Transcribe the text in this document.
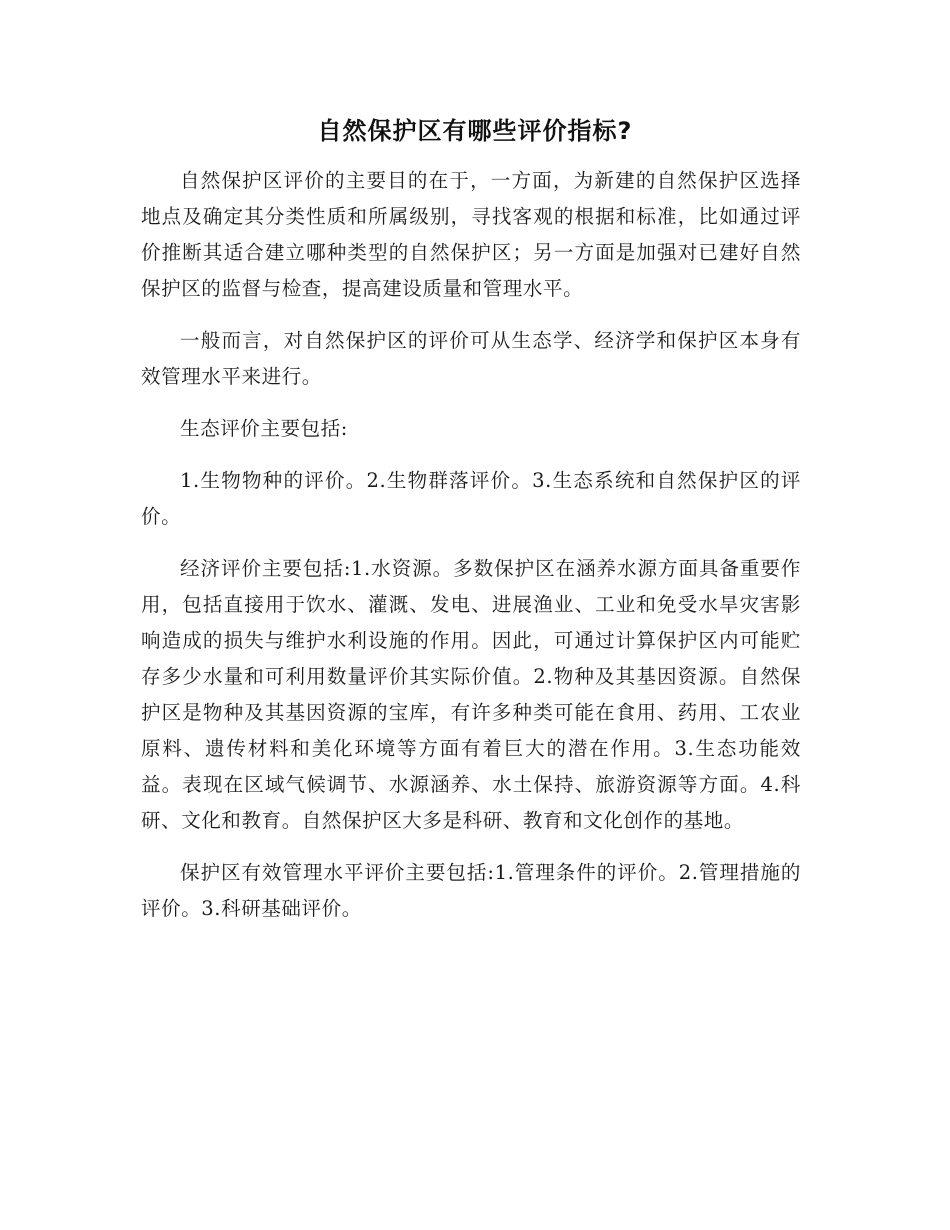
自然保护区有哪些评价指标?

自然保护区评价的主要目的在于，一方面，为新建的自然保护区选择地点及确定其分类性质和所属级别，寻找客观的根据和标准，比如通过评价推断其适合建立哪种类型的自然保护区；另一方面是加强对已建好自然保护区的监督与检查，提高建设质量和管理水平。

一般而言，对自然保护区的评价可从生态学、经济学和保护区本身有效管理水平来进行。

生态评价主要包括:

1.生物物种的评价。2.生物群落评价。3.生态系统和自然保护区的评价。

经济评价主要包括:1.水资源。多数保护区在涵养水源方面具备重要作用，包括直接用于饮水、灌溉、发电、进展渔业、工业和免受水旱灾害影响造成的损失与维护水利设施的作用。因此，可通过计算保护区内可能贮存多少水量和可利用数量评价其实际价值。2.物种及其基因资源。自然保护区是物种及其基因资源的宝库，有许多种类可能在食用、药用、工农业原料、遗传材料和美化环境等方面有着巨大的潜在作用。3.生态功能效益。表现在区域气候调节、水源涵养、水土保持、旅游资源等方面。4.科研、文化和教育。自然保护区大多是科研、教育和文化创作的基地。

保护区有效管理水平评价主要包括:1.管理条件的评价。2.管理措施的评价。3.科研基础评价。
